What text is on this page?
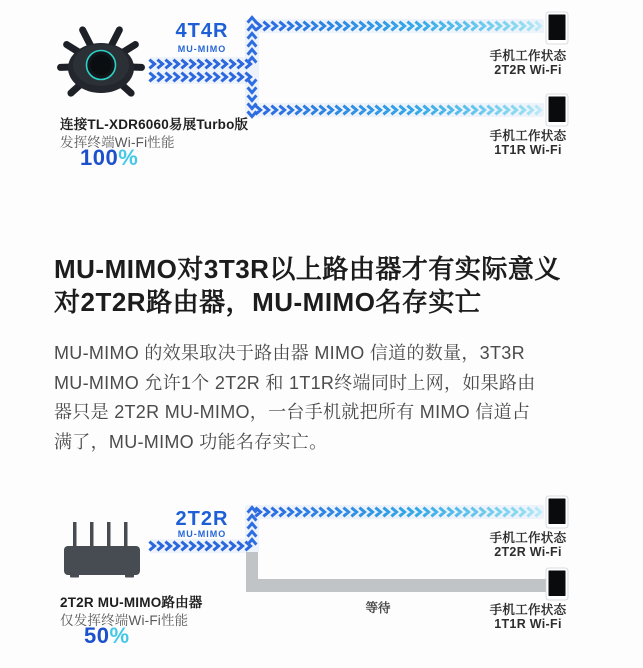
4T4R
MU-MIMO
连接TL-XDR6060易展Turbo版
发挥终端Wi-Fi性能
100%
手机工作状态
2T2R Wi-Fi
手机工作状态
1T1R Wi-Fi
MU-MIMO对3T3R以上路由器才有实际意义
对2T2R路由器，MU-MIMO名存实亡
MU-MIMO 的效果取决于路由器 MIMO 信道的数量，3T3R
MU-MIMO 允许1个 2T2R 和 1T1R终端同时上网，如果路由
器只是 2T2R MU-MIMO，一台手机就把所有 MIMO 信道占
满了，MU-MIMO 功能名存实亡。
2T2R
MU-MIMO
2T2R MU-MIMO路由器
仅发挥终端Wi-Fi性能
50%
等待
手机工作状态
2T2R Wi-Fi
手机工作状态
1T1R Wi-Fi
